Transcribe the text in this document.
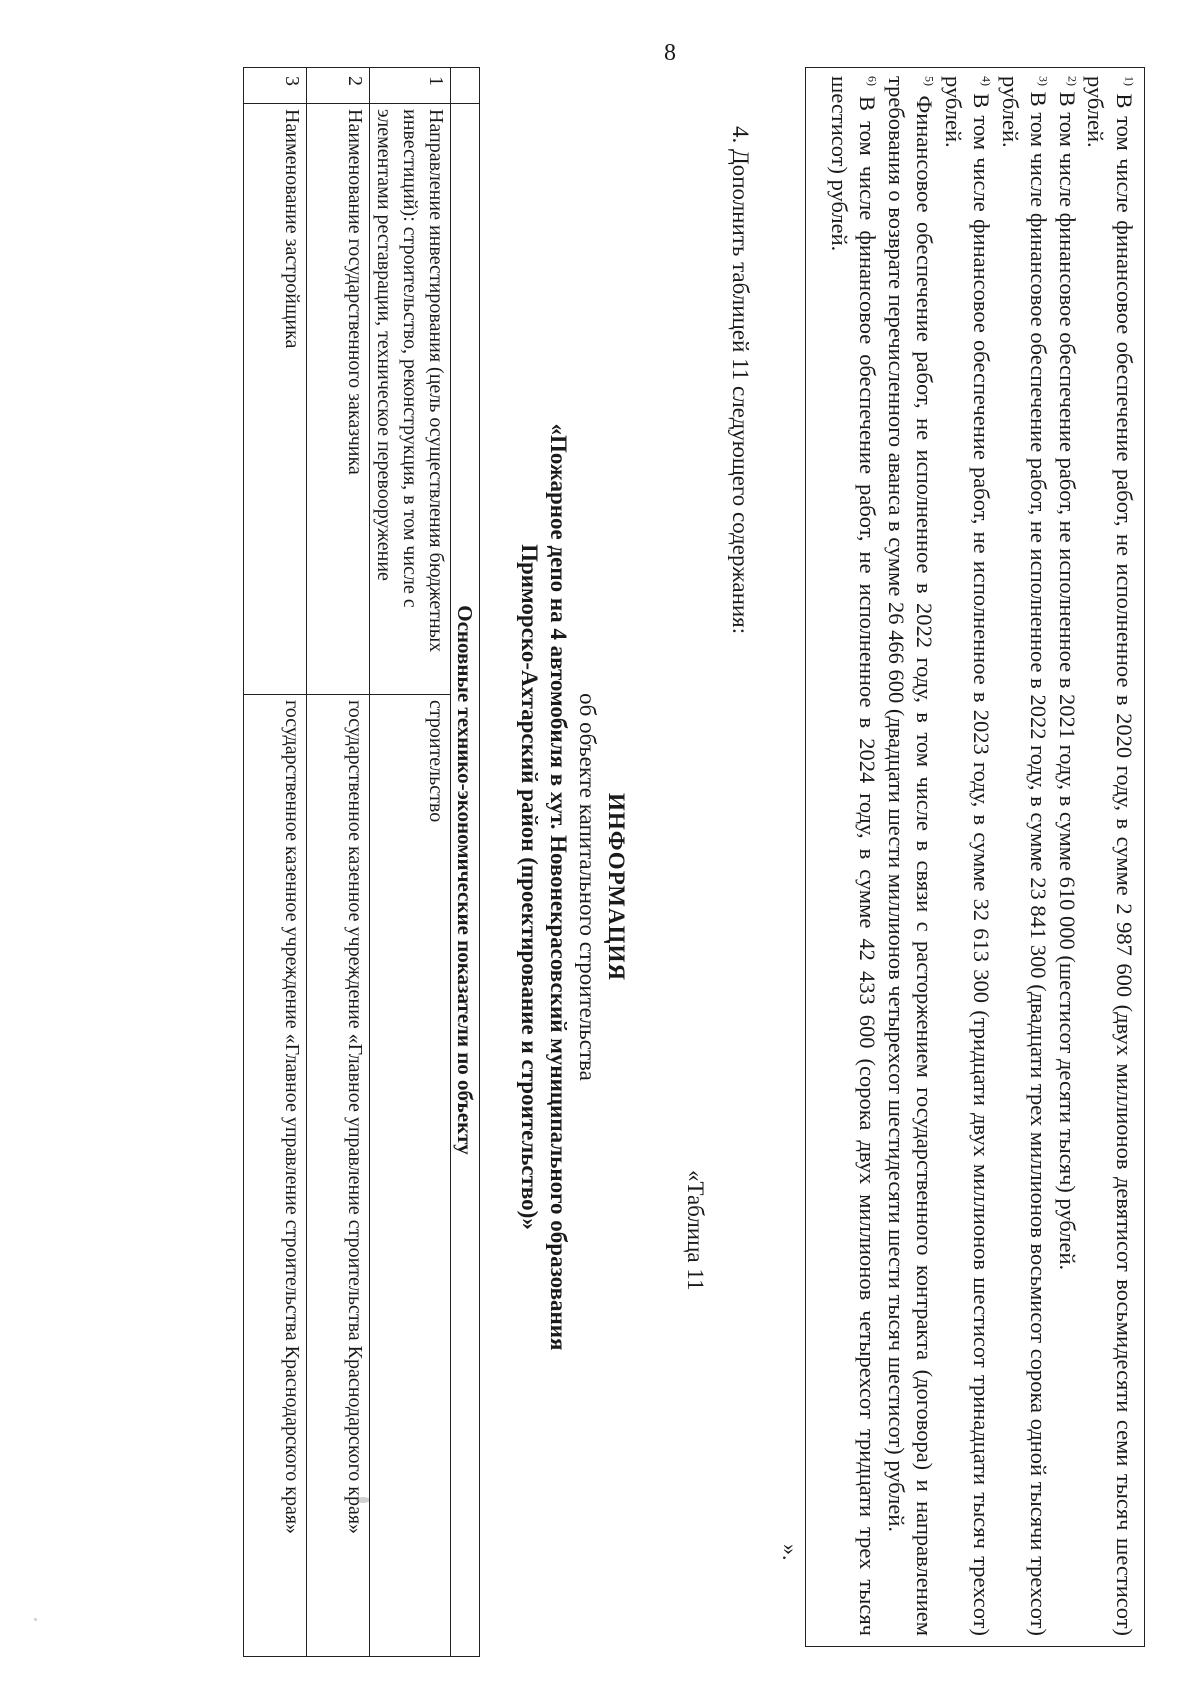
8

$^{1)}$ В том числе финансовое обеспечение работ, не исполненное в 2020 году, в сумме 2 987 600 (двух миллионов девятисот восьмидесяти семи тысяч шестисот) рублей.

$^{2)}$ В том числе финансовое обеспечение работ, не исполненное в 2021 году, в сумме 610 000 (шестисот десяти тысяч) рублей.

$^{3)}$ В том числе финансовое обеспечение работ, не исполненное в 2022 году, в сумме 23 841 300 (двадцати трех миллионов восьмисот сорока одной тысячи трехсот) рублей.

$^{4)}$ В том числе финансовое обеспечение работ, не исполненное в 2023 году, в сумме 32 613 300 (тридцати двух миллионов шестисот тринадцати тысяч трехсот) рублей.

$^{5)}$ Финансовое обеспечение работ, не исполненное в 2022 году, в том числе в связи с расторжением государственного контракта (договора) и направлением требования о возврате перечисленного аванса в сумме 26 466 600 (двадцати шести миллионов четырехсот шестидесяти шести тысяч шестисот) рублей.

$^{6)}$ В том числе финансовое обеспечение работ, не исполненное в 2024 году, в сумме 42 433 600 (сорока двух миллионов четырехсот тридцати трех тысяч шестисот) рублей.

».
4. Дополнить таблицей 11 следующего содержания:
«Таблица 11
ИНФОРМАЦИЯ
об объекте капитального строительства
«Пожарное депо на 4 автомобиля в хут. Новонекрасовский муниципального образования
Приморско-Ахтарский район (проектирование и строительство)»
	Основные технико-экономические показатели по объекту	
1	Направление инвестирования (цель осуществления бюджетных инвестиций): строительство, реконструкция, в том числе с элементами реставрации, техническое перевооружение	строительство
2	Наименование государственного заказчика	государственное казенное учреждение «Главное управление строительства Краснодарского края»
3	Наименование застройщика	государственное казенное учреждение «Главное управление строительства Краснодарского края»
